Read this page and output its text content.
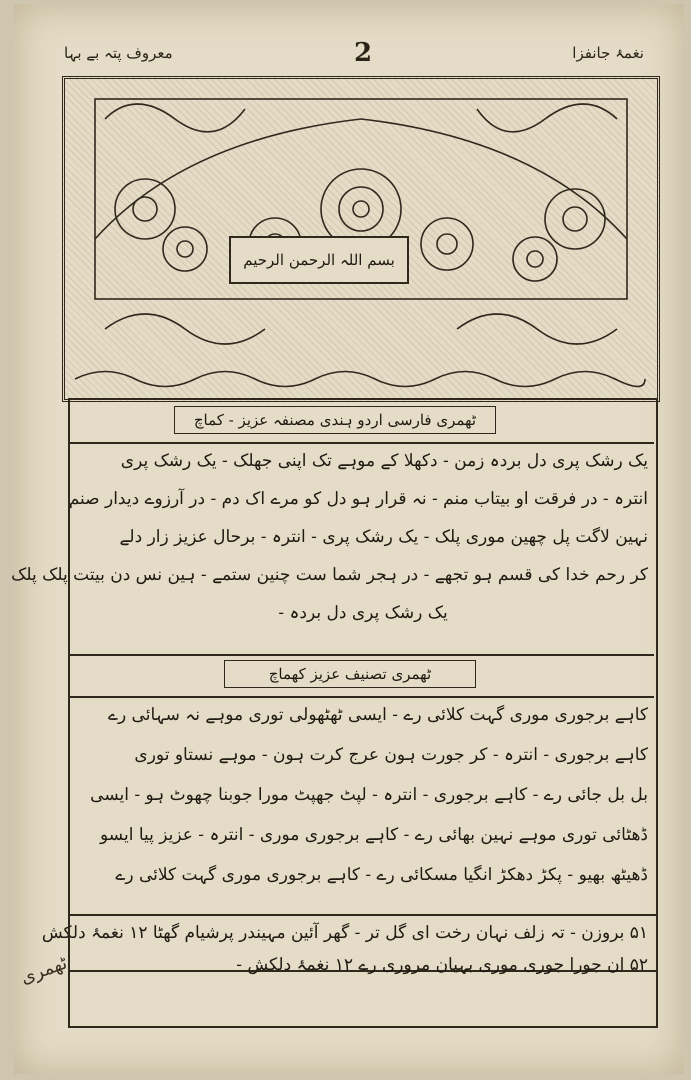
معروف پتہ بے بہا	2	نغمۂ جانفزا
بسم اللہ الرحمن الرحیم
ٹھمری فارسی اردو ہندی مصنفہ عزیز - کماچ
یک رشک پری دل بردہ زمن - دکھلا کے موہے تک اپنی جھلک - یک رشک پری
انترہ - در فرقت او بیتاب منم - نہ قرار ہو دل کو مرے اک دم - در آرزوے دیدار صنم
نہین لاگت پل چھین موری پلک - یک رشک پری - انترہ - برحال عزیز زار دلے
کر رحم خدا کی قسم ہو تجھے - در ہجر شما ست چنین ستمے - ہین نس دن بیتت پلک پلک
یک رشک پری دل بردہ -
ٹھمری تصنیف عزیز کھماچ
کاہے برجوری موری گہت کلائی رے - ایسی ٹھٹھولی توری موہے نہ سہائی رے
کاہے برجوری - انترہ - کر جورت ہون عرج کرت ہون - موہے نستاو توری
بل بل جائی رے - کاہے برجوری - انترہ - لپٹ جھپٹ مورا جوبنا چھوٹ ہو - ایسی
ڈھٹائی توری موہے نہین بھائی رے - کاہے برجوری موری - انترہ - عزیز پیا ایسو
ڈھیٹھ بھیو - پکڑ دھکڑ انگیا مسکائی رے - کاہے برجوری موری گہت کلائی رے
۵۱ بروزن - تہ زلف نہان رخت ای گل تر - گھر آئین مہیندر پرشیام گھٹا ۱۲ نغمۂ دلکش
۵۲ ان جورا جوری موری بہیان مروری رے ۱۲ نغمۂ دلکش -
ٹھمری
